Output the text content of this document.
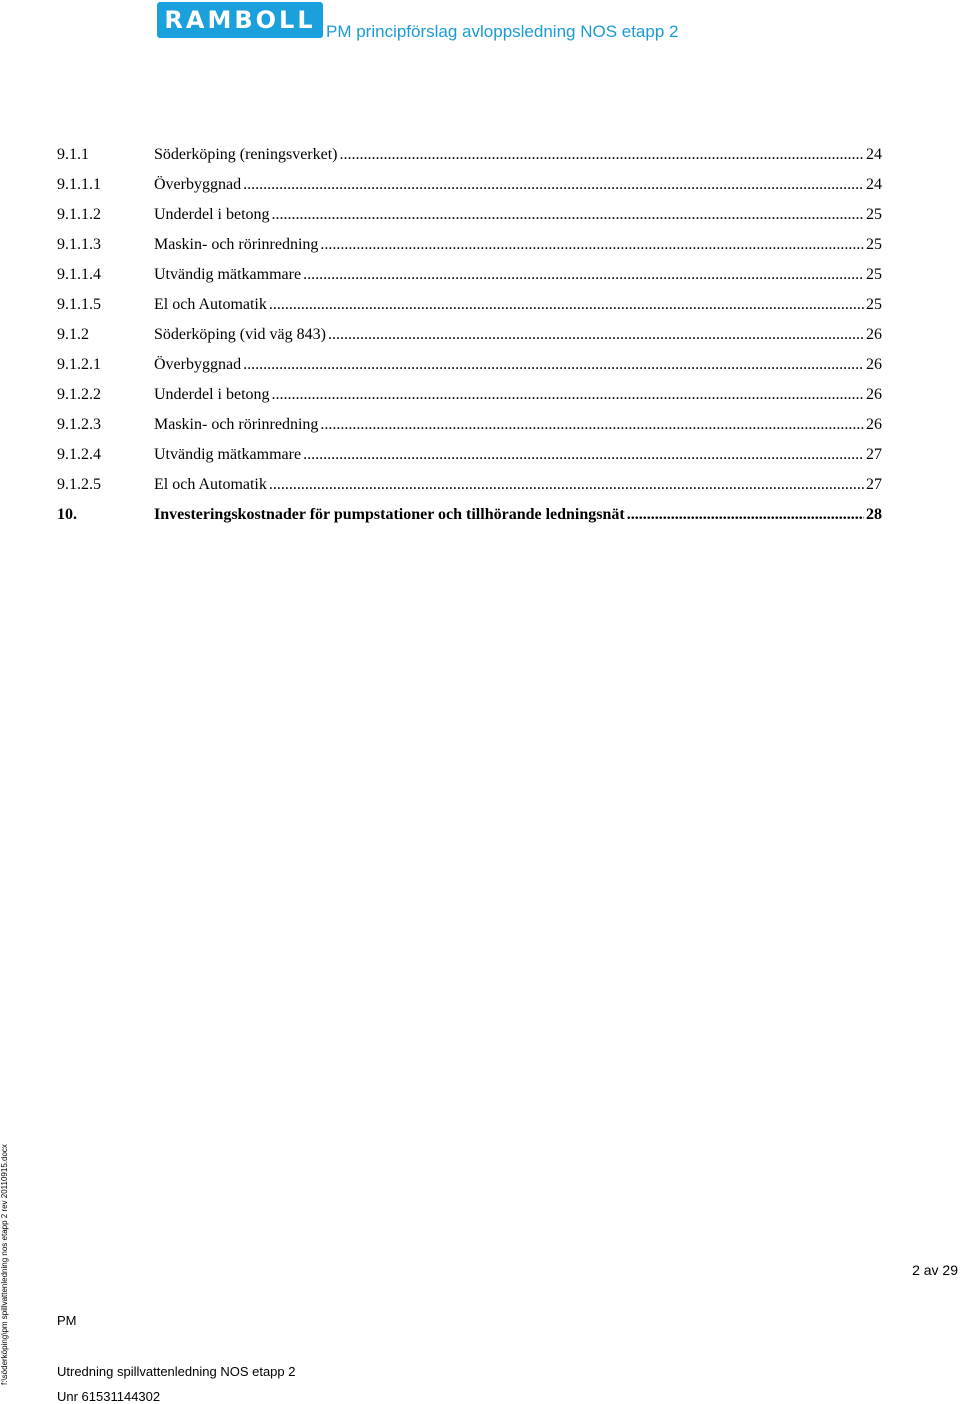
RAMBOLL PM principförslag avloppsledning NOS etapp 2
9.1.1	Söderköping (reningsverket) .....	24
9.1.1.1	Överbyggnad .....	24
9.1.1.2	Underdel i betong .....	25
9.1.1.3	Maskin- och rörinredning .....	25
9.1.1.4	Utvändig mätkammare .....	25
9.1.1.5	El och Automatik .....	25
9.1.2	Söderköping (vid väg 843) .....	26
9.1.2.1	Överbyggnad .....	26
9.1.2.2	Underdel i betong .....	26
9.1.2.3	Maskin- och rörinredning .....	26
9.1.2.4	Utvändig mätkammare .....	27
9.1.2.5	El och Automatik .....	27
10.	Investeringskostnader för pumpstationer och tillhörande ledningsnät .....	28
2 av 29
f:\söderköping\pm spillvattenledning nos etapp 2 rev 20110915.docx	PM
Utredning spillvattenledning NOS etapp 2
Unr 61531144302
